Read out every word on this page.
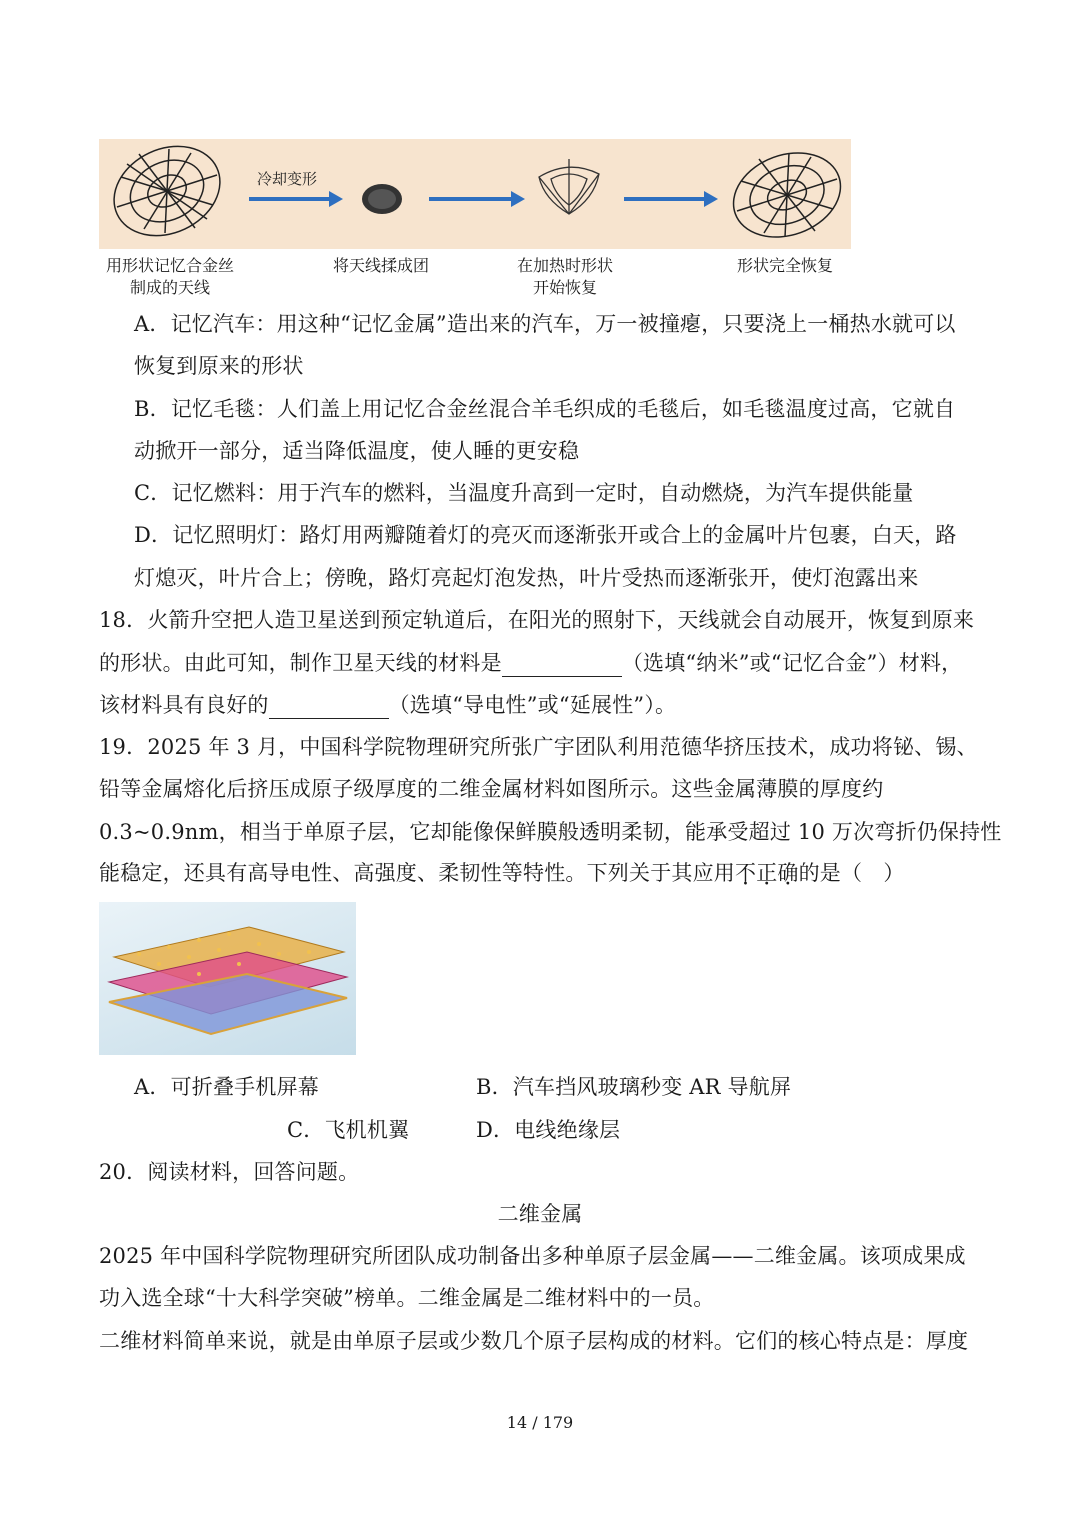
冷却变形
用形状记忆合金丝
制成的天线
将天线揉成团	在加热时形状
开始恢复
形状完全恢复
A．记忆汽车：用这种“记忆金属”造出来的汽车，万一被撞瘪，只要浇上一桶热水就可以
恢复到原来的形状
B．记忆毛毯：人们盖上用记忆合金丝混合羊毛织成的毛毯后，如毛毯温度过高，它就自
动掀开一部分，适当降低温度，使人睡的更安稳
C．记忆燃料：用于汽车的燃料，当温度升高到一定时，自动燃烧，为汽车提供能量
D．记忆照明灯：路灯用两瓣随着灯的亮灭而逐渐张开或合上的金属叶片包裹，白天，路
灯熄灭，叶片合上；傍晚，路灯亮起灯泡发热，叶片受热而逐渐张开，使灯泡露出来
18．火箭升空把人造卫星送到预定轨道后，在阳光的照射下，天线就会自动展开，恢复到原来
的形状。由此可知，制作卫星天线的材料是	（选填“纳米”或“记忆合金”）材料，
该材料具有良好的	（选填“导电性”或“延展性”）。
19．2025 年 3 月，中国科学院物理研究所张广宇团队利用范德华挤压技术，成功将铋、锡、
铅等金属熔化后挤压成原子级厚度的二维金属材料如图所示。这些金属薄膜的厚度约
0.3~0.9nm，相当于单原子层，它却能像保鲜膜般透明柔韧，能承受超过 10 万次弯折仍保持性
能稳定，还具有高导电性、高强度、柔韧性等特性。下列关于其应用不正确的是（　）
A．可折叠手机屏幕	B．汽车挡风玻璃秒变 AR 导航屏
C．飞机机翼	D．电线绝缘层
20．阅读材料，回答问题。
二维金属
2025 年中国科学院物理研究所团队成功制备出多种单原子层金属——二维金属。该项成果成
功入选全球“十大科学突破”榜单。二维金属是二维材料中的一员。
二维材料简单来说，就是由单原子层或少数几个原子层构成的材料。它们的核心特点是：厚度
14 / 179
